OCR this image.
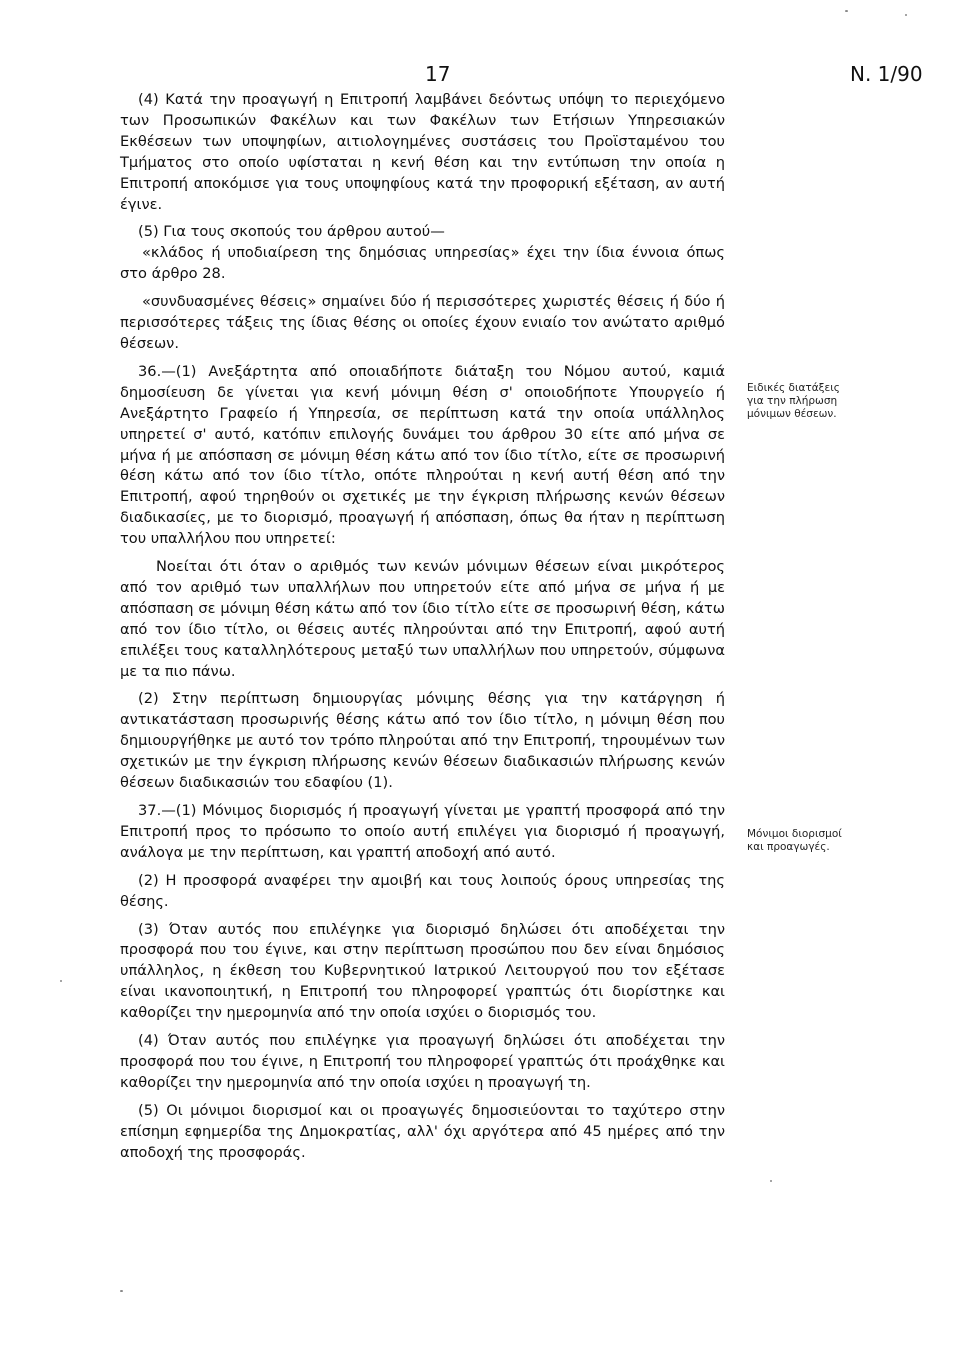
17	N. 1/90

(4) Κατά την προαγωγή η Επιτροπή λαμβάνει δεόντως υπόψη το περιεχόμενο των Προσωπικών Φακέλων και των Φακέλων των Ετήσιων Υπηρεσιακών Εκθέσεων των υποψηφίων, αιτιολογημένες συστάσεις του Προϊσταμένου του Τμήματος στο οποίο υφίσταται η κενή θέση και την εντύπωση την οποία η Επιτροπή αποκόμισε για τους υποψηφίους κατά την προφορική εξέταση, αν αυτή έγινε.

(5) Για τους σκοπούς του άρθρου αυτού—

«κλάδος ή υποδιαίρεση της δημόσιας υπηρεσίας» έχει την ίδια έννοια όπως στο άρθρο 28.

«συνδυασμένες θέσεις» σημαίνει δύο ή περισσότερες χωριστές θέσεις ή δύο ή περισσότερες τάξεις της ίδιας θέσης οι οποίες έχουν ενιαίο τον ανώτατο αριθμό θέσεων.

36.—(1) Ανεξάρτητα από οποιαδήποτε διάταξη του Νόμου αυτού, καμιά δημοσίευση δε γίνεται για κενή μόνιμη θέση σ' οποιοδήποτε Υπουργείο ή Ανεξάρτητο Γραφείο ή Υπηρεσία, σε περίπτωση κατά την οποία υπάλληλος υπηρετεί σ' αυτό, κατόπιν επιλογής δυνάμει του άρθρου 30 είτε από μήνα σε μήνα ή με απόσπαση σε μόνιμη θέση κάτω από τον ίδιο τίτλο, είτε σε προσωρινή θέση κάτω από τον ίδιο τίτλο, οπότε πληρούται η κενή αυτή θέση από την Επιτροπή, αφού τηρηθούν οι σχετικές με την έγκριση πλήρωσης κενών θέσεων διαδικασίες, με το διορισμό, προαγωγή ή απόσπαση, όπως θα ήταν η περίπτωση του υπαλλήλου που υπηρετεί:

Νοείται ότι όταν ο αριθμός των κενών μόνιμων θέσεων είναι μικρότερος από τον αριθμό των υπαλλήλων που υπηρετούν είτε από μήνα σε μήνα ή με απόσπαση σε μόνιμη θέση κάτω από τον ίδιο τίτλο είτε σε προσωρινή θέση, κάτω από τον ίδιο τίτλο, οι θέσεις αυτές πληρούνται από την Επιτροπή, αφού αυτή επιλέξει τους καταλληλότερους μεταξύ των υπαλλήλων που υπηρετούν, σύμφωνα με τα πιο πάνω.

(2) Στην περίπτωση δημιουργίας μόνιμης θέσης για την κατάργηση ή αντικατάσταση προσωρινής θέσης κάτω από τον ίδιο τίτλο, η μόνιμη θέση που δημιουργήθηκε με αυτό τον τρόπο πληρούται από την Επιτροπή, τηρουμένων των σχετικών με την έγκριση πλήρωσης κενών θέσεων διαδικασιών πλήρωσης κενών θέσεων διαδικασιών του εδαφίου (1).

37.—(1) Μόνιμος διορισμός ή προαγωγή γίνεται με γραπτή προσφορά από την Επιτροπή προς το πρόσωπο το οποίο αυτή επιλέγει για διορισμό ή προαγωγή, ανάλογα με την περίπτωση, και γραπτή αποδοχή από αυτό.

(2) Η προσφορά αναφέρει την αμοιβή και τους λοιπούς όρους υπηρεσίας της θέσης.

(3) Όταν αυτός που επιλέγηκε για διορισμό δηλώσει ότι αποδέχεται την προσφορά που του έγινε, και στην περίπτωση προσώπου που δεν είναι δημόσιος υπάλληλος, η έκθεση του Κυβερνητικού Ιατρικού Λειτουργού που τον εξέτασε είναι ικανοποιητική, η Επιτροπή του πληροφορεί γραπτώς ότι διορίστηκε και καθορίζει την ημερομηνία από την οποία ισχύει ο διορισμός του.

(4) Όταν αυτός που επιλέγηκε για προαγωγή δηλώσει ότι αποδέχεται την προσφορά που του έγινε, η Επιτροπή του πληροφορεί γραπτώς ότι προάχθηκε και καθορίζει την ημερομηνία από την οποία ισχύει η προαγωγή τη.

(5) Οι μόνιμοι διορισμοί και οι προαγωγές δημοσιεύονται το ταχύτερο στην επίσημη εφημερίδα της Δημοκρατίας, αλλ' όχι αργότερα από 45 ημέρες από την αποδοχή της προσφοράς.

Ειδικές διατάξεις για την πλήρωση μόνιμων θέσεων.
Μόνιμοι διορισμοί και προαγωγές.
